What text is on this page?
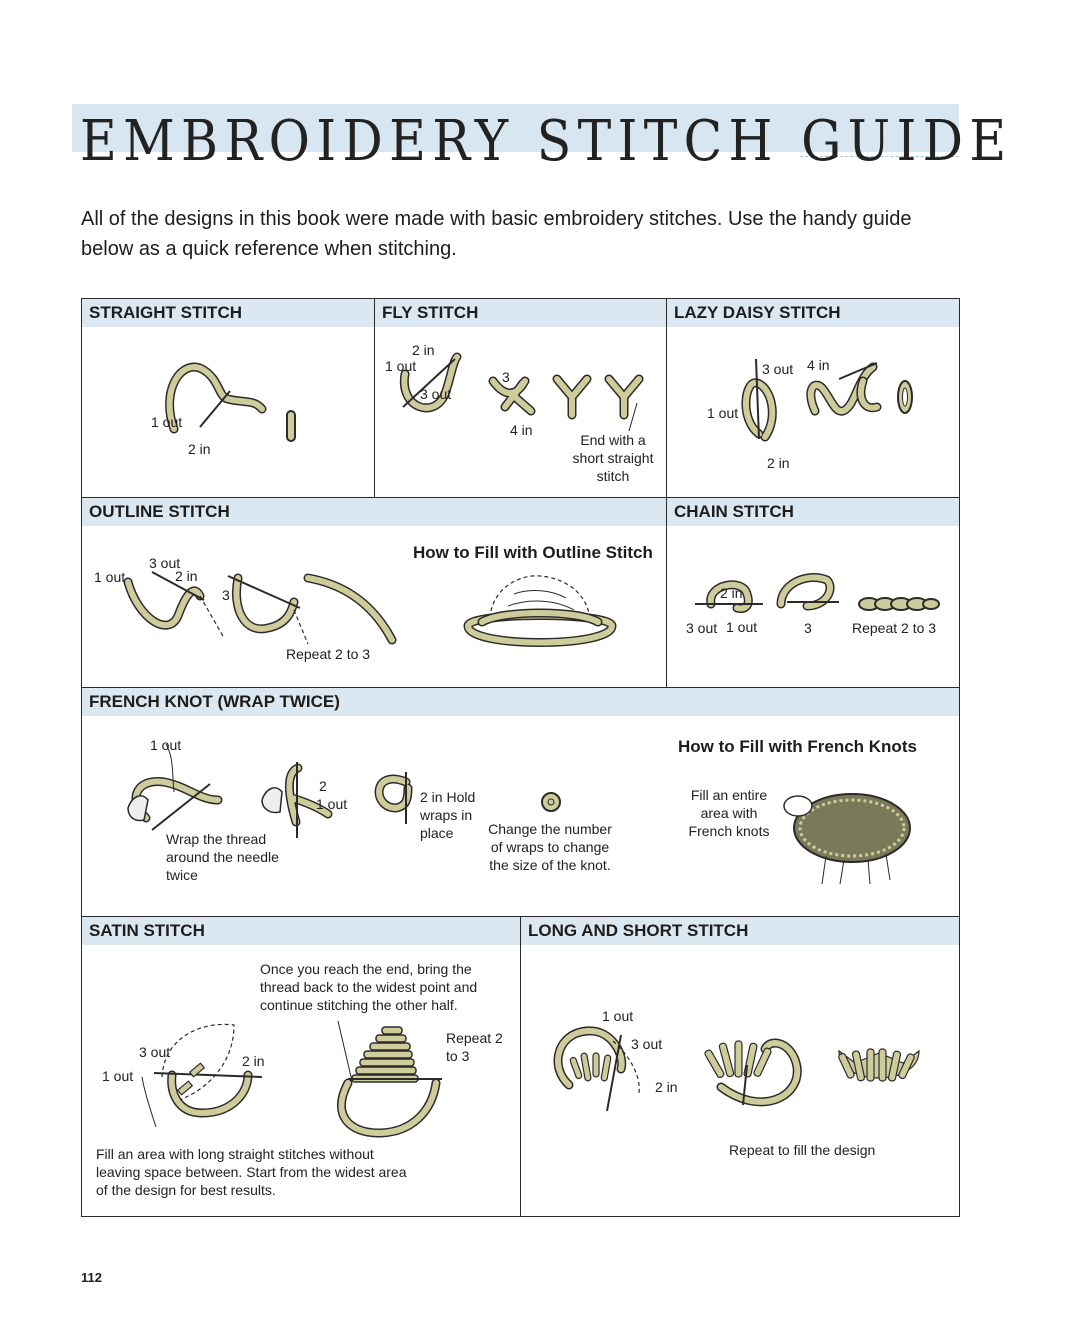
EMBROIDERY STITCH GUIDE

All of the designs in this book were made with basic embroidery stitches. Use the handy guide below as a quick reference when stitching.

STRAIGHT STITCH
1 out
2 in
FLY STITCH
2 in
1 out
3 out
3
4 in
End with a short straight stitch
LAZY DAISY STITCH
3 out 4 in
1 out
2 in
OUTLINE STITCH
3 out
1 out	2 in
3
Repeat 2 to 3
How to Fill with Outline Stitch
CHAIN STITCH
2 in
3 out 1 out	3	Repeat 2 to 3
FRENCH KNOT (WRAP TWICE)
1 out
2
1 out
Wrap the thread around the needle twice
2 in Hold wraps in place	Change the number of wraps to change the size of the knot.
Fill an entire area with French knots
How to Fill with French Knots
SATIN STITCH
Once you reach the end, bring the thread back to the widest point and continue stitching the other half.
Repeat 2 to 3
3 out
2 in
1 out
Fill an area with long straight stitches without leaving space between. Start from the widest area of the design for best results.
LONG AND SHORT STITCH
1 out
3 out
2 in
Repeat to fill the design
112
